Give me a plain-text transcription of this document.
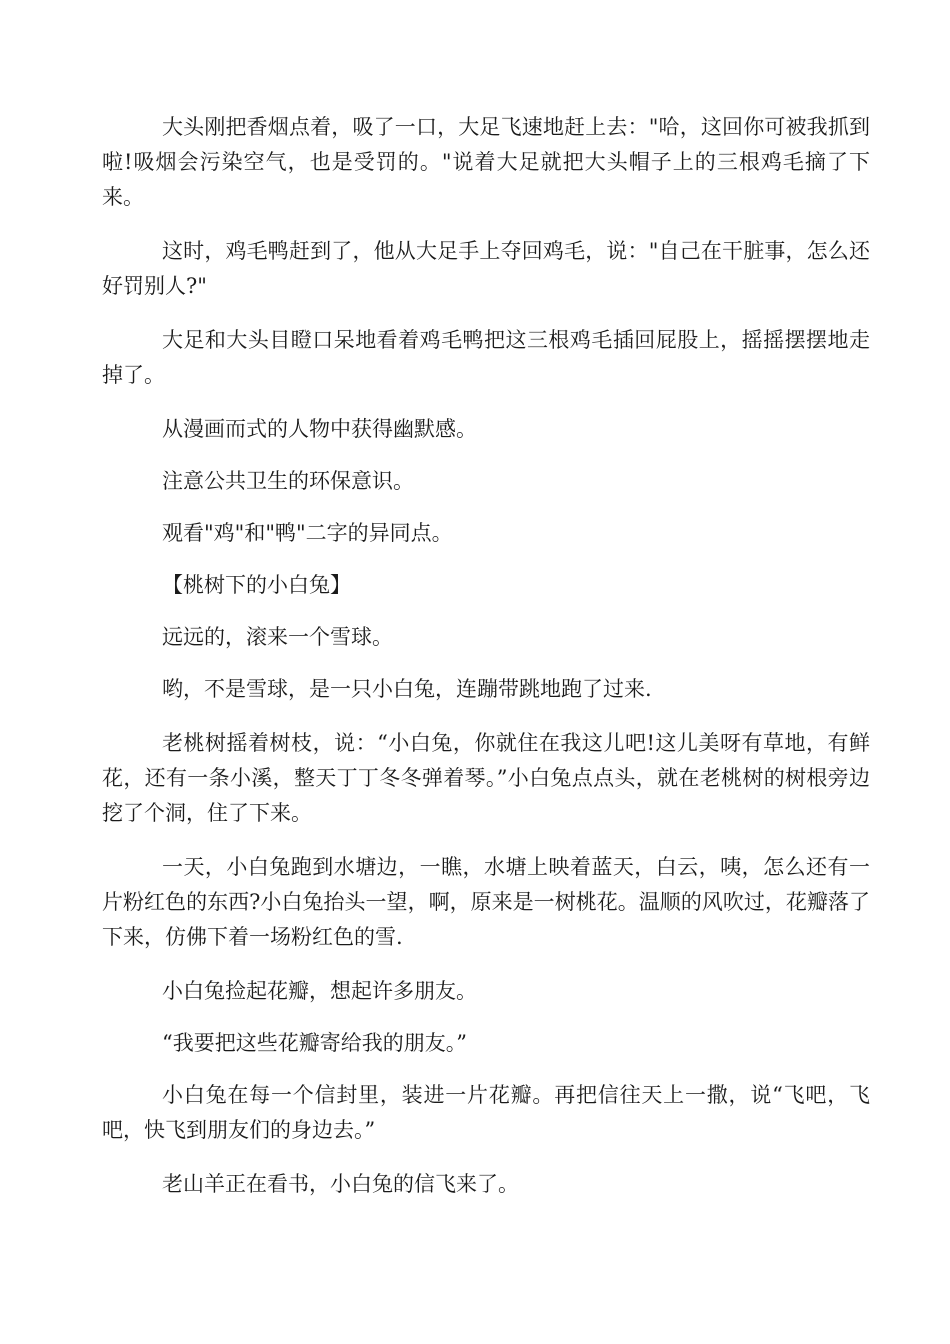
大头刚把香烟点着，吸了一口，大足飞速地赶上去："哈，这回你可被我抓到啦!吸烟会污染空气，也是受罚的。"说着大足就把大头帽子上的三根鸡毛摘了下来。

这时，鸡毛鸭赶到了，他从大足手上夺回鸡毛，说："自己在干脏事，怎么还好罚别人?"

大足和大头目瞪口呆地看着鸡毛鸭把这三根鸡毛插回屁股上，摇摇摆摆地走掉了。

从漫画而式的人物中获得幽默感。

注意公共卫生的环保意识。

观看"鸡"和"鸭"二字的异同点。

【桃树下的小白兔】

远远的，滚来一个雪球。

哟，不是雪球，是一只小白兔，连蹦带跳地跑了过来.

老桃树摇着树枝，说：“小白兔，你就住在我这儿吧!这儿美呀有草地，有鲜花，还有一条小溪，整天丁丁冬冬弹着琴。”小白兔点点头，就在老桃树的树根旁边挖了个洞，住了下来。

一天，小白兔跑到水塘边，一瞧，水塘上映着蓝天，白云，咦，怎么还有一片粉红色的东西?小白兔抬头一望，啊，原来是一树桃花。温顺的风吹过，花瓣落了下来，仿佛下着一场粉红色的雪.

小白兔捡起花瓣，想起许多朋友。

“我要把这些花瓣寄给我的朋友。”

小白兔在每一个信封里，装进一片花瓣。再把信往天上一撒，说“飞吧，飞吧，快飞到朋友们的身边去。”

老山羊正在看书，小白兔的信飞来了。
